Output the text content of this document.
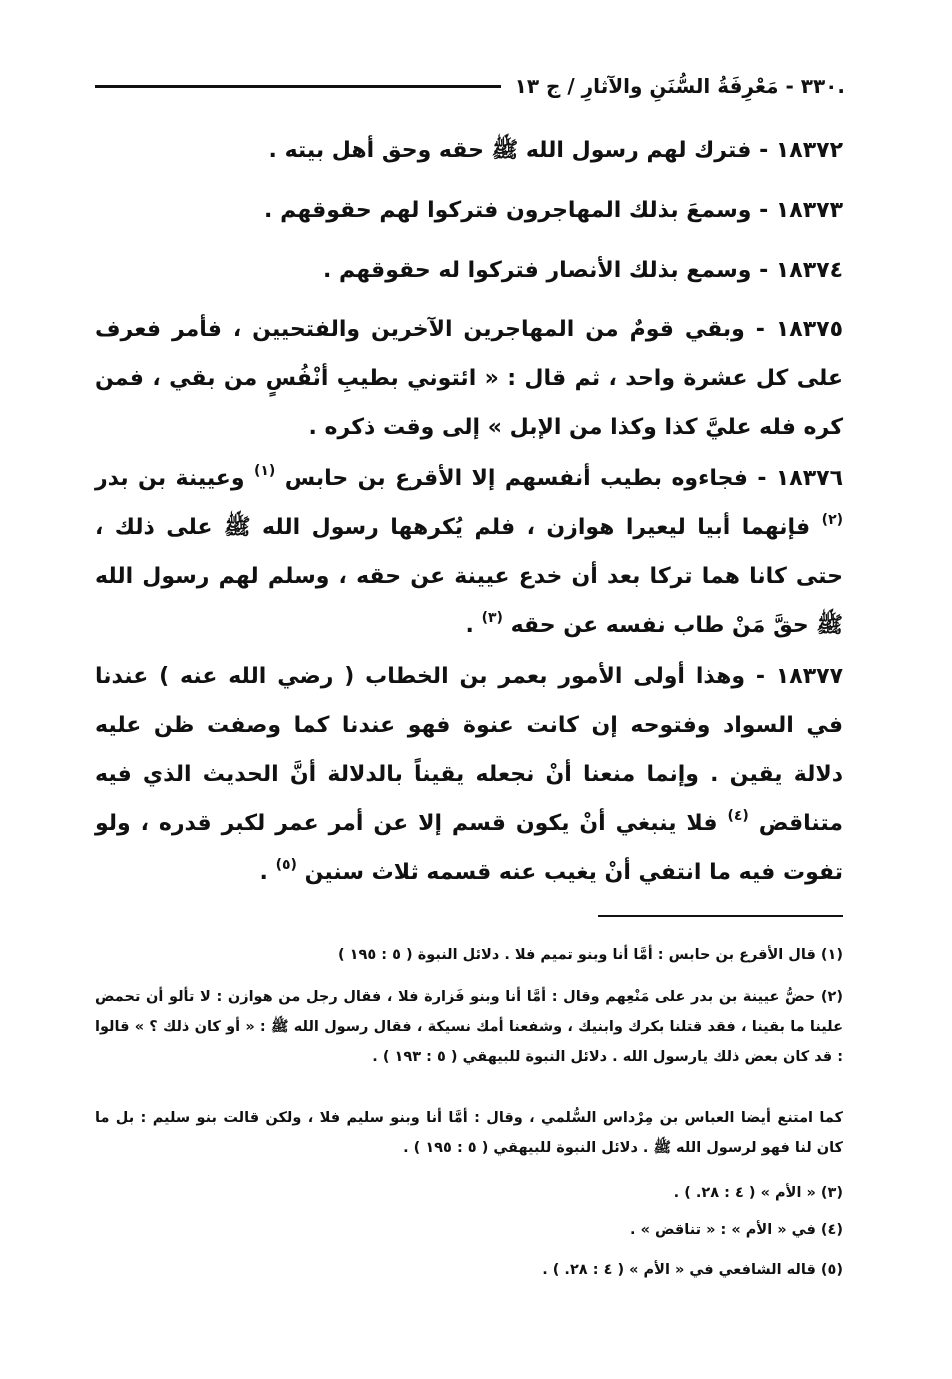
.٣٣٠ - مَعْرِفَةُ السُّنَنِ والآثارِ / ج ١٣
١٨٣٧٢ - فترك لهم رسول الله ﷺ حقه وحق أهل بيته .
١٨٣٧٣ - وسمعَ بذلك المهاجرون فتركوا لهم حقوقهم .
١٨٣٧٤ - وسمع بذلك الأنصار فتركوا له حقوقهم .
١٨٣٧٥ - وبقي قومٌ من المهاجرين الآخرين والفتحيين ، فأمر فعرف على كل عشرة واحد ، ثم قال : « ائتوني بطيبِ أنْفُسٍ من بقي ، فمن كره فله عليَّ كذا وكذا من الإبل » إلى وقت ذكره .
١٨٣٧٦ - فجاءوه بطيب أنفسهم إلا الأقرع بن حابس $^{(١)}$ وعيينة بن بدر $^{(٢)}$ فإنهما أبيا ليعيرا هوازن ، فلم يُكرهها رسول الله ﷺ على ذلك ، حتى كانا هما تركا بعد أن خدع عيينة عن حقه ، وسلم لهم رسول الله ﷺ حقَّ مَنْ طاب نفسه عن حقه $^{(٣)}$ .
١٨٣٧٧ - وهذا أولى الأمور بعمر بن الخطاب ( رضي الله عنه ) عندنا في السواد وفتوحه إن كانت عنوة فهو عندنا كما وصفت ظن عليه دلالة يقين . وإنما منعنا أنْ نجعله يقيناً بالدلالة أنَّ الحديث الذي فيه متناقض $^{(٤)}$ فلا ينبغي أنْ يكون قسم إلا عن أمر عمر لكبر قدره ، ولو تفوت فيه ما انتفي أنْ يغيب عنه قسمه ثلاث سنين $^{(٥)}$ .
(١) قال الأقرع بن حابس : أمَّا أنا وبنو تميم فلا . دلائل النبوة ( ٥ : ١٩٥ )
(٢) حضُّ عيينة بن بدر على مَنْعِهم وقال : أمَّا أنا وبنو فَزارة فلا ، فقال رجل من هوازن : لا تألو أن تحمض علينا ما بقينا ، فقد قتلنا بكرك وابنيك ، وشفعنا أمك نسيكة ، فقال رسول الله ﷺ : « أو كان ذلك ؟ » قالوا : قد كان بعض ذلك يارسول الله . دلائل النبوة للبيهقي ( ٥ : ١٩٣ ) .
كما امتنع أيضا العباس بن مِرْداس السُّلمي ، وقال : أمَّا أنا وبنو سليم فلا ، ولكن قالت بنو سليم : بل ما كان لنا فهو لرسول الله ﷺ . دلائل النبوة للبيهقي ( ٥ : ١٩٥ ) .
(٣) « الأم » ( ٤ : ٢٨. ) .
(٤) في « الأم » : « تناقض » .
(٥) قاله الشافعي في « الأم » ( ٤ : ٢٨. ) .
